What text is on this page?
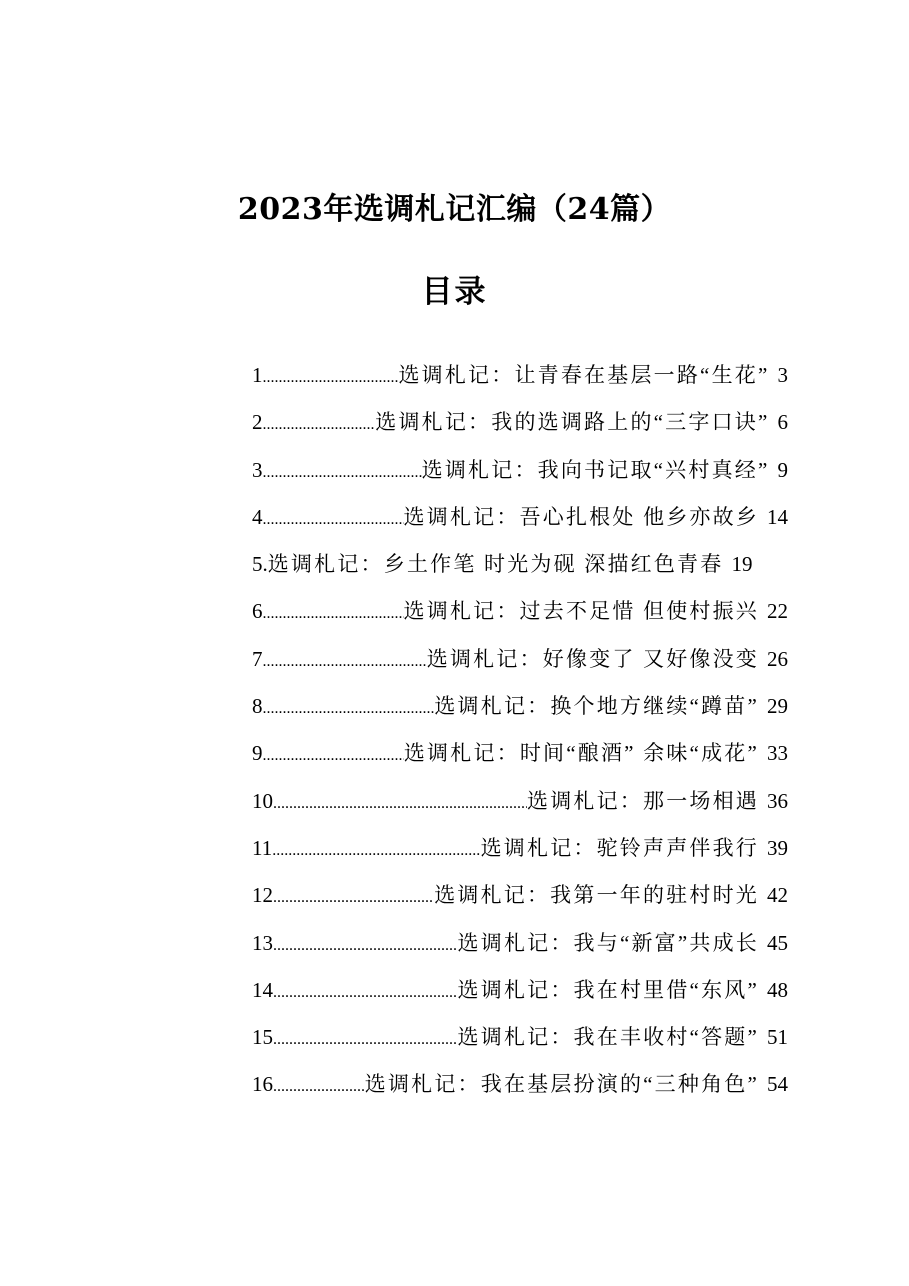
2023年选调札记汇编（24篇）
目录
1 .....	选调札记：让青春在基层一路“生花” 3
2 .....	选调札记：我的选调路上的“三字口诀” 6
3 .....	选调札记：我向书记取“兴村真经” 9
4 .....	选调札记：吾心扎根处 他乡亦故乡 14
5. 选调札记：乡土作笔 时光为砚 深描红色青春 19
6 .....	选调札记：过去不足惜 但使村振兴 22
7 .....	选调札记：好像变了 又好像没变 26
8 .....	选调札记：换个地方继续“蹲苗” 29
9 .....	选调札记：时间“酿酒” 余味“成花” 33
10 .....	选调札记：那一场相遇 36
11 .....	选调札记：驼铃声声伴我行 39
12 .....	选调札记：我第一年的驻村时光 42
13 .....	选调札记：我与“新富”共成长 45
14 .....	选调札记：我在村里借“东风” 48
15 .....	选调札记：我在丰收村“答题” 51
16 .....	选调札记：我在基层扮演的“三种角色” 54
